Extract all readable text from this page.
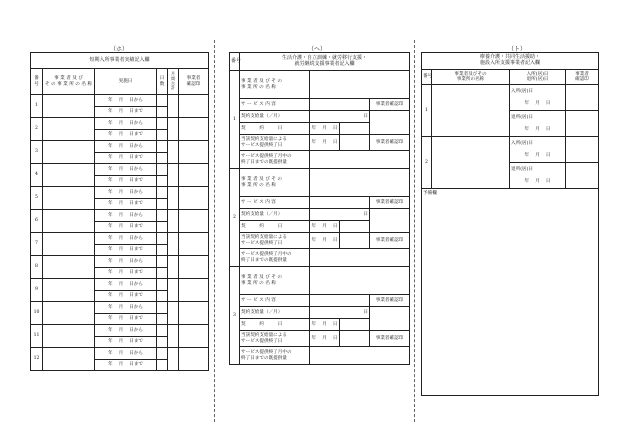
（ホ）
短期入所事業者実績記入欄					
番号	事 業 者 及 び
そ の 事 業 所 の 名 称	実施日	日
数	月
間
合
計	事業者
確認印
1		年　 月　 日から			
		年　 月　 日まで			
2		年　 月　 日から			
		年　 月　 日まで			
3		年　 月　 日から			
		年　 月　 日まで			
4		年　 月　 日から			
		年　 月　 日まで			
5		年　 月　 日から			
		年　 月　 日まで			
6		年　 月　 日から			
		年　 月　 日まで			
7		年　 月　 日から			
		年　 月　 日まで			
8		年　 月　 日から			
		年　 月　 日まで			
9		年　 月　 日から			
		年　 月　 日まで			
10		年　 月　 日から			
		年　 月　 日まで			
11		年　 月　 日から			
		年　 月　 日まで			
12		年　 月　 日から			
		年　 月　 日まで			
（ヘ）
番号	生活介護・自立訓練・就労移行支援・
就労継続支援事業者記入欄			
1	事 業 者 及 び そ の
事 業 所 の 名 称			
	サ ー ビ ス 内 容			事業者確認印
	契約支給量（／月）	日		
	契　　　約　　　日	年　 月　 日		
	当該契約支給量による
サービス提供終了日	年　 月　 日		事業者確認印
	サービス提供終了月中の
終了日までの既提供量			
2	事 業 者 及 び そ の
事 業 所 の 名 称			
	サ ー ビ ス 内 容			事業者確認印
	契約支給量（／月）	日		
	契　　　約　　　日	年　 月　 日		
	当該契約支給量による
サービス提供終了日	年　 月　 日		事業者確認印
	サービス提供終了月中の
終了日までの既提供量			
3	事 業 者 及 び そ の
事 業 所 の 名 称			
	サ ー ビ ス 内 容			事業者確認印
	契約支給量（／月）	日		
	契　　　約　　　日	年　 月　 日		
	当該契約支給量による
サービス提供終了日	年　 月　 日		事業者確認印
	サービス提供終了月中の
終了日までの既提供量			
（ト）
療養介護・共同生活援助・
施設入所支援事業者記入欄			
番号	事業者及びその
事業所の名称	入所(居)日
退所(居)日	事業者
確認印
1		入所(居)日	
		年　 月　 日	
		退所(居)日	
		年　 月　 日	
2		入所(居)日	
		年　 月　 日	
		退所(居)日	
		年　 月　 日	
予備欄			
